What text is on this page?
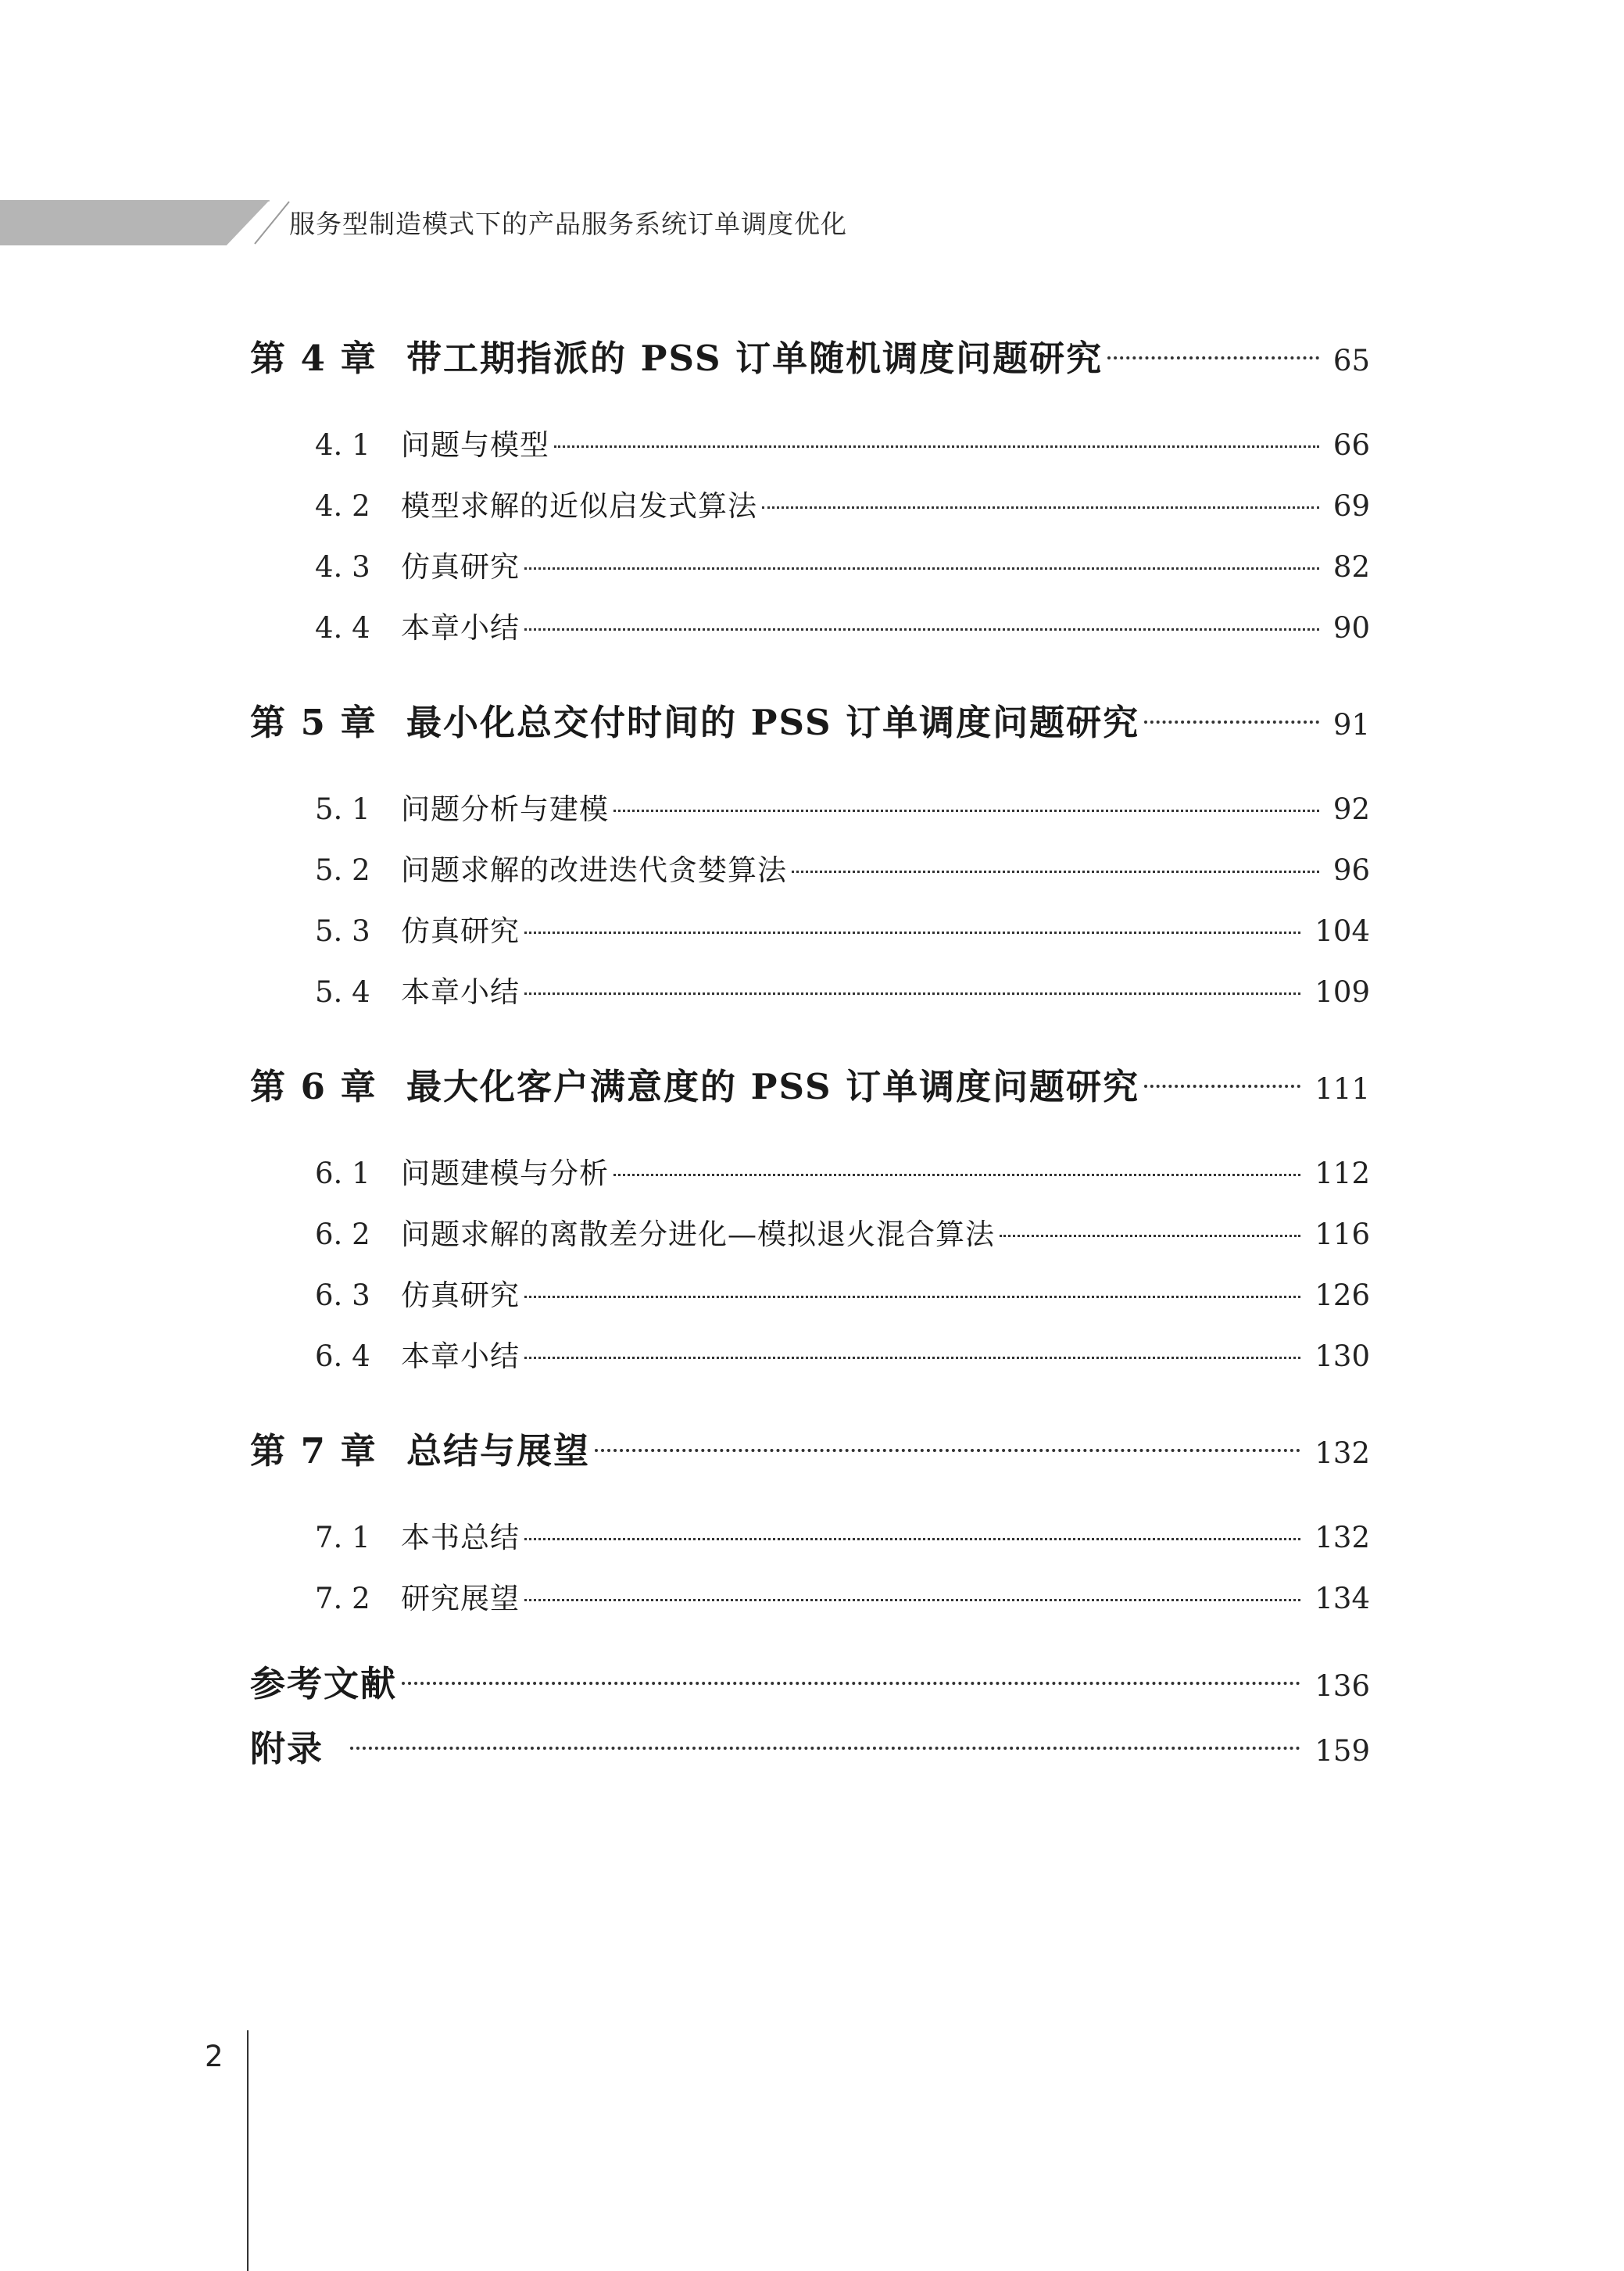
服务型制造模式下的产品服务系统订单调度优化
第 4 章 带工期指派的 PSS 订单随机调度问题研究	65
4. 1	问题与模型	66
4. 2	模型求解的近似启发式算法	69
4. 3	仿真研究	82
4. 4	本章小结	90
第 5 章 最小化总交付时间的 PSS 订单调度问题研究	91
5. 1	问题分析与建模	92
5. 2	问题求解的改进迭代贪婪算法	96
5. 3	仿真研究	104
5. 4	本章小结	109
第 6 章 最大化客户满意度的 PSS 订单调度问题研究	111
6. 1	问题建模与分析	112
6. 2	问题求解的离散差分进化—模拟退火混合算法	116
6. 3	仿真研究	126
6. 4	本章小结	130
第 7 章 总结与展望	132
7. 1	本书总结	132
7. 2	研究展望	134
参考文献	136
附录	159
2
